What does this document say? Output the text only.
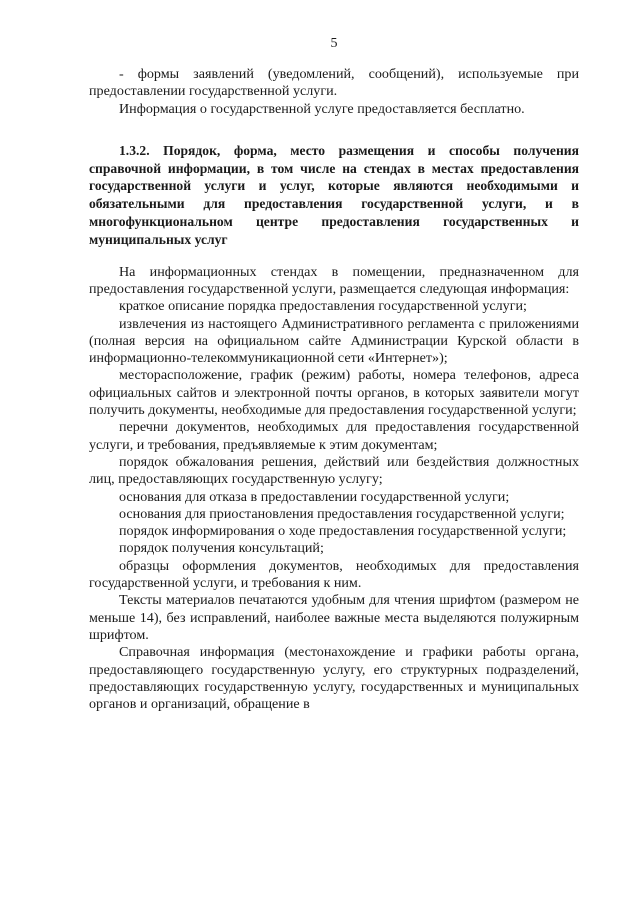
5

- формы заявлений (уведомлений, сообщений), используемые при предоставлении государственной услуги.

Информация о государственной услуге предоставляется бесплатно.

1.3.2. Порядок, форма, место размещения и способы получения справочной информации, в том числе на стендах в местах предоставления государственной услуги и услуг, которые являются необходимыми и обязательными для предоставления государственной услуги, и в многофункциональном центре предоставления государственных и муниципальных услуг

На информационных стендах в помещении, предназначенном для предоставления государственной услуги, размещается следующая информация:

краткое описание порядка предоставления государственной услуги;

извлечения из настоящего Административного регламента с приложениями (полная версия на официальном сайте Администрации Курской области в информационно-телекоммуникационной сети «Интернет»);

месторасположение, график (режим) работы, номера телефонов, адреса официальных сайтов и электронной почты органов, в которых заявители могут получить документы, необходимые для предоставления государственной услуги;

перечни документов, необходимых для предоставления государственной услуги, и требования, предъявляемые к этим документам;

порядок обжалования решения, действий или бездействия должностных лиц, предоставляющих государственную услугу;

основания для отказа в предоставлении государственной услуги;

основания для приостановления предоставления государственной услуги;

порядок информирования о ходе предоставления государственной услуги;

порядок получения консультаций;

образцы оформления документов, необходимых для предоставления государственной услуги, и требования к ним.

Тексты материалов печатаются удобным для чтения шрифтом (размером не меньше 14), без исправлений, наиболее важные места выделяются полужирным шрифтом.

Справочная информация (местонахождение и графики работы органа, предоставляющего государственную услугу, его структурных подразделений, предоставляющих государственную услугу, государственных и муниципальных органов и организаций, обращение в
